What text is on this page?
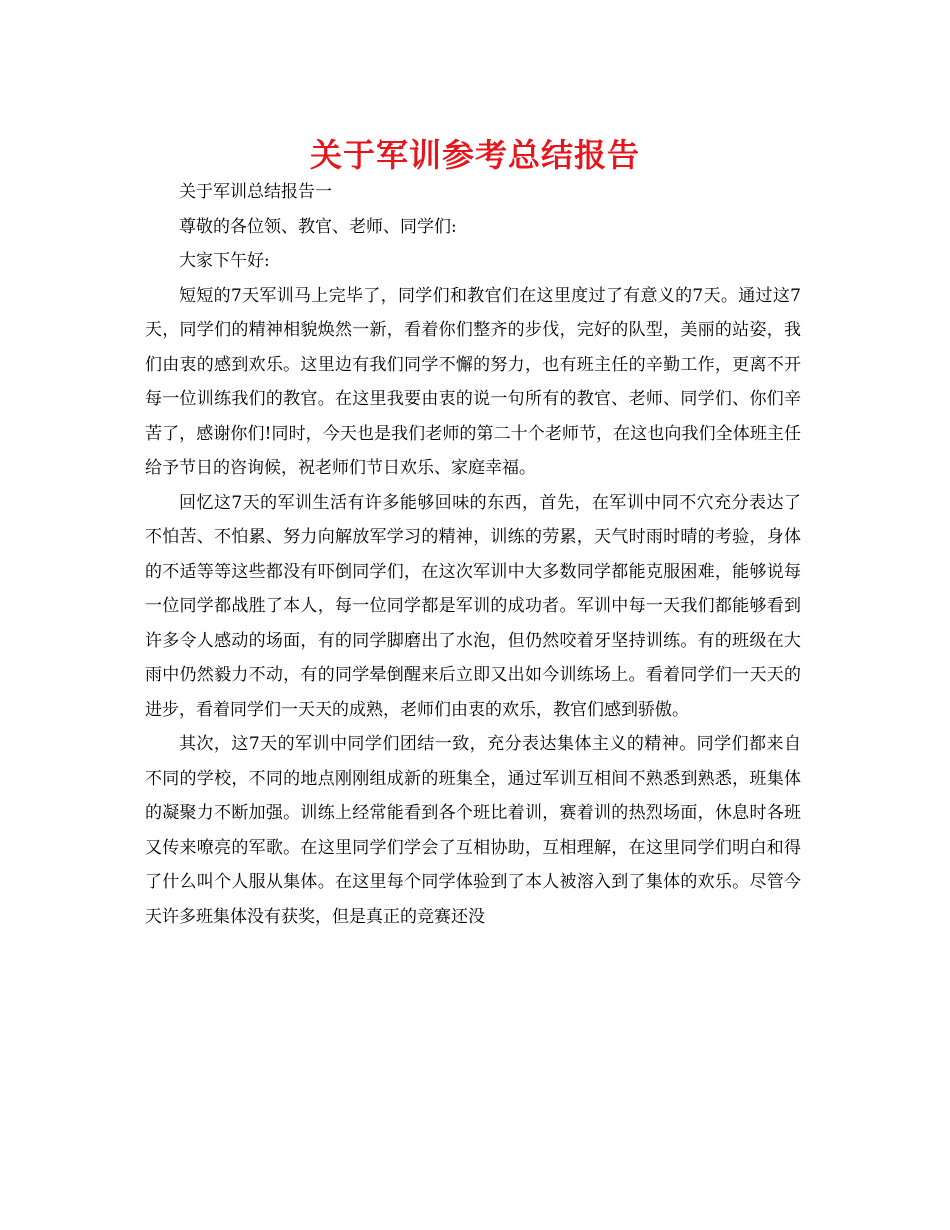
关于军训参考总结报告

关于军训总结报告一

尊敬的各位领、教官、老师、同学们:

大家下午好:

短短的7天军训马上完毕了，同学们和教官们在这里度过了有意义的7天。通过这7天，同学们的精神相貌焕然一新，看着你们整齐的步伐，完好的队型，美丽的站姿，我们由衷的感到欢乐。这里边有我们同学不懈的努力，也有班主任的辛勤工作，更离不开每一位训练我们的教官。在这里我要由衷的说一句所有的教官、老师、同学们、你们辛苦了，感谢你们!同时，今天也是我们老师的第二十个老师节，在这也向我们全体班主任给予节日的咨询候，祝老师们节日欢乐、家庭幸福。

回忆这7天的军训生活有许多能够回味的东西，首先，在军训中同不穴充分表达了不怕苦、不怕累、努力向解放军学习的精神，训练的劳累，天气时雨时晴的考验，身体的不适等等这些都没有吓倒同学们，在这次军训中大多数同学都能克服困难，能够说每一位同学都战胜了本人，每一位同学都是军训的成功者。军训中每一天我们都能够看到许多令人感动的场面，有的同学脚磨出了水泡，但仍然咬着牙坚持训练。有的班级在大雨中仍然毅力不动，有的同学晕倒醒来后立即又出如今训练场上。看着同学们一天天的进步，看着同学们一天天的成熟，老师们由衷的欢乐，教官们感到骄傲。

其次，这7天的军训中同学们团结一致，充分表达集体主义的精神。同学们都来自不同的学校，不同的地点刚刚组成新的班集全，通过军训互相间不熟悉到熟悉，班集体的凝聚力不断加强。训练上经常能看到各个班比着训，赛着训的热烈场面，休息时各班又传来嘹亮的军歌。在这里同学们学会了互相协助，互相理解，在这里同学们明白和得了什么叫个人服从集体。在这里每个同学体验到了本人被溶入到了集体的欢乐。尽管今天许多班集体没有获奖，但是真正的竞赛还没
